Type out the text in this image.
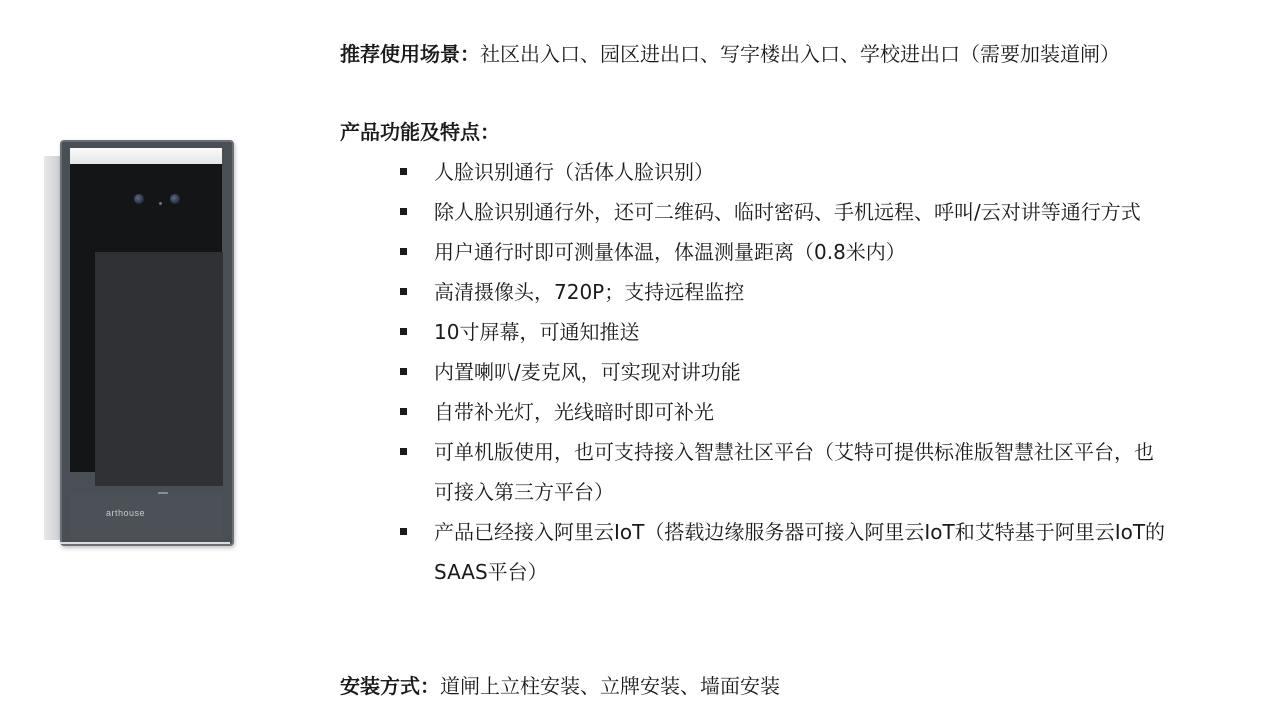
arthouse
推荐使用场景：社区出入口、园区进出口、写字楼出入口、学校进出口（需要加装道闸）
产品功能及特点：
人脸识别通行（活体人脸识别）
除人脸识别通行外，还可二维码、临时密码、手机远程、呼叫/云对讲等通行方式
用户通行时即可测量体温，体温测量距离（0.8米内）
高清摄像头，720P；支持远程监控
10寸屏幕，可通知推送
内置喇叭/麦克风，可实现对讲功能
自带补光灯，光线暗时即可补光
可单机版使用，也可支持接入智慧社区平台（艾特可提供标准版智慧社区平台，也
可接入第三方平台）
产品已经接入阿里云IoT（搭载边缘服务器可接入阿里云IoT和艾特基于阿里云IoT的
SAAS平台）
安装方式：道闸上立柱安装、立牌安装、墙面安装
